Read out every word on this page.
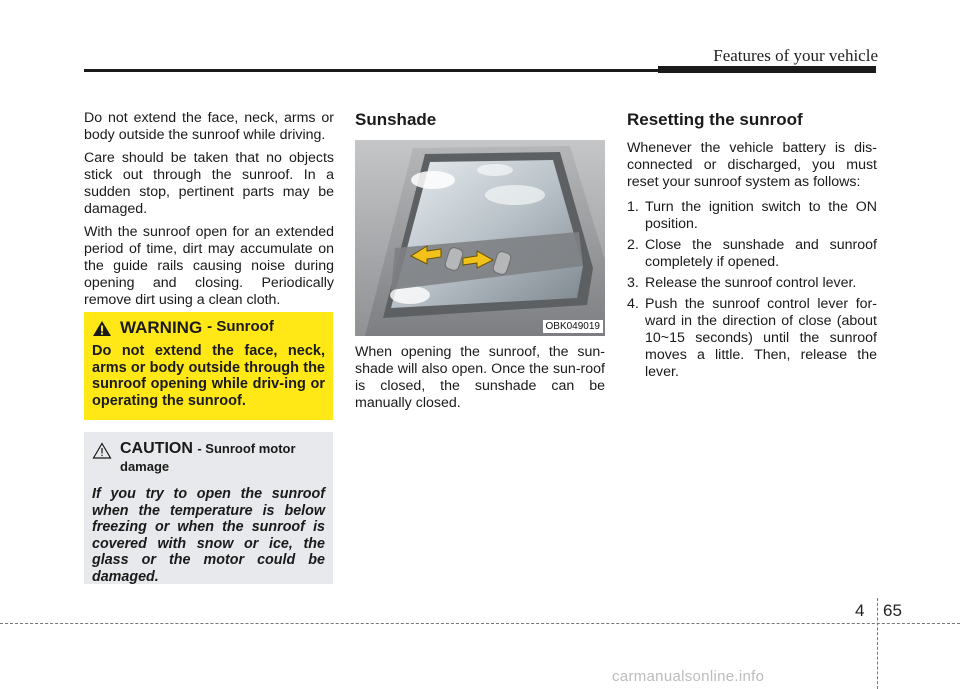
Features of your vehicle

Do not extend the face, neck, arms or body outside the sunroof while driving.

Care should be taken that no objects stick out through the sunroof. In a sudden stop, pertinent parts may be damaged.

With the sunroof open for an extended period of time, dirt may accumulate on the guide rails causing noise during opening and closing. Periodically remove dirt using a clean cloth.

WARNING - Sunroof
Do not extend the face, neck, arms or body outside through the sunroof opening while driv-ing or operating the sunroof.
CAUTION - Sunroof motor damage
If you try to open the sunroof when the temperature is below freezing or when the sunroof is covered with snow or ice, the glass or the motor could be damaged.
Sunshade
OBK049019

When opening the sunroof, the sun-shade will also open. Once the sun-roof is closed, the sunshade can be manually closed.

Resetting the sunroof

Whenever the vehicle battery is dis-connected or discharged, you must reset your sunroof system as follows:

1. Turn the ignition switch to the ON position.
2. Close the sunshade and sunroof completely if opened.
3. Release the sunroof control lever.
4. Push the sunroof control lever for-ward in the direction of close (about 10~15 seconds) until the sunroof moves a little. Then, release the lever.
4 65
carmanualsonline.info
